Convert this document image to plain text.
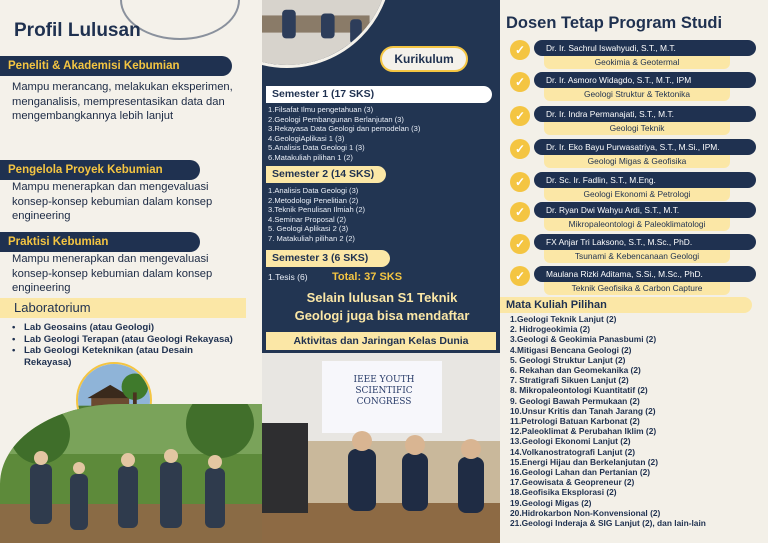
Profil Lulusan
Peneliti & Akademisi Kebumian
Mampu merancang, melakukan eksperimen, menganalisis, mempresentasikan data dan mengembangkannya lebih lanjut
Pengelola Proyek Kebumian
Mampu menerapkan dan mengevaluasi konsep-konsep kebumian dalam konsep engineering
Praktisi Kebumian
Mampu menerapkan dan mengevaluasi konsep-konsep kebumian dalam konsep engineering
Laboratorium
• Lab Geosains (atau Geologi)
• Lab Geologi Terapan (atau Geologi Rekayasa)
• Lab Geologi Keteknikan (atau Desain Rekayasa)
Kurikulum
Semester 1 (17 SKS)
1.Filsafat Ilmu pengetahuan (3)
2.Geologi Pembangunan Berlanjutan (3)
3.Rekayasa Data Geologi dan pemodelan (3)
4.GeologiAplikasi 1 (3)
5.Analisis Data Geologi 1 (3)
6.Matakuliah pilihan 1 (2)
Semester 2 (14 SKS)
1.Analisis Data Geologi (3)
2.Metodologi Penelitian (2)
3.Teknik Penulisan Ilmiah (2)
4.Seminar Proposal (2)
5. Geologi Aplikasi 2 (3)
7. Matakuliah pilihan 2 (2)
Semester 3 (6 SKS)
1.Tesis (6) Total: 37 SKS
Selain lulusan S1 Teknik Geologi juga bisa mendaftar
Aktivitas dan Jaringan Kelas Dunia
IEEE YOUTH SCIENTIFIC CONGRESS
Dosen Tetap Program Studi
✓	Dr. Ir. Sachrul Iswahyudi, S.T., M.T.
Geokimia & Geotermal
✓	Dr. Ir. Asmoro Widagdo, S.T., M.T., IPM
Geologi Struktur & Tektonika
✓	Dr. Ir. Indra Permanajati, S.T., M.T.
Geologi Teknik
✓	Dr. Ir. Eko Bayu Purwasatriya, S.T., M.Si., IPM.
Geologi Migas & Geofisika
✓	Dr. Sc. Ir. Fadlin, S.T., M.Eng.
Geologi Ekonomi & Petrologi
✓	Dr. Ryan Dwi Wahyu Ardi, S.T., M.T.
Mikropaleontologi & Paleoklimatologi
✓	FX Anjar Tri Laksono, S.T., M.Sc., PhD.
Tsunami & Kebencanaan Geologi
✓	Maulana Rizki Aditama, S.Si., M.Sc., PhD.
Teknik Geofisika & Carbon Capture
Mata Kuliah Pilihan
1.Geologi Teknik Lanjut (2)
2. Hidrogeokimia (2)
3.Geologi & Geokimia Panasbumi (2)
4.Mitigasi Bencana Geologi (2)
5. Geologi Struktur Lanjut (2)
6. Rekahan dan Geomekanika (2)
7. Stratigrafi Sikuen Lanjut (2)
8. Mikropaleontologi Kuantitatif (2)
9. Geologi Bawah Permukaan (2)
10.Unsur Kritis dan Tanah Jarang (2)
11.Petrologi Batuan Karbonat (2)
12.Paleoklimat & Perubahan Iklim (2)
13.Geologi Ekonomi Lanjut (2)
14.Volkanostratografi Lanjut (2)
15.Energi Hijau dan Berkelanjutan (2)
16.Geologi Lahan dan Pertanian (2)
17.Geowisata & Geopreneur (2)
18.Geofisika Eksplorasi (2)
19.Geologi Migas (2)
20.Hidrokarbon Non-Konvensional (2)
21.Geologi Inderaja & SIG Lanjut (2), dan lain-lain
